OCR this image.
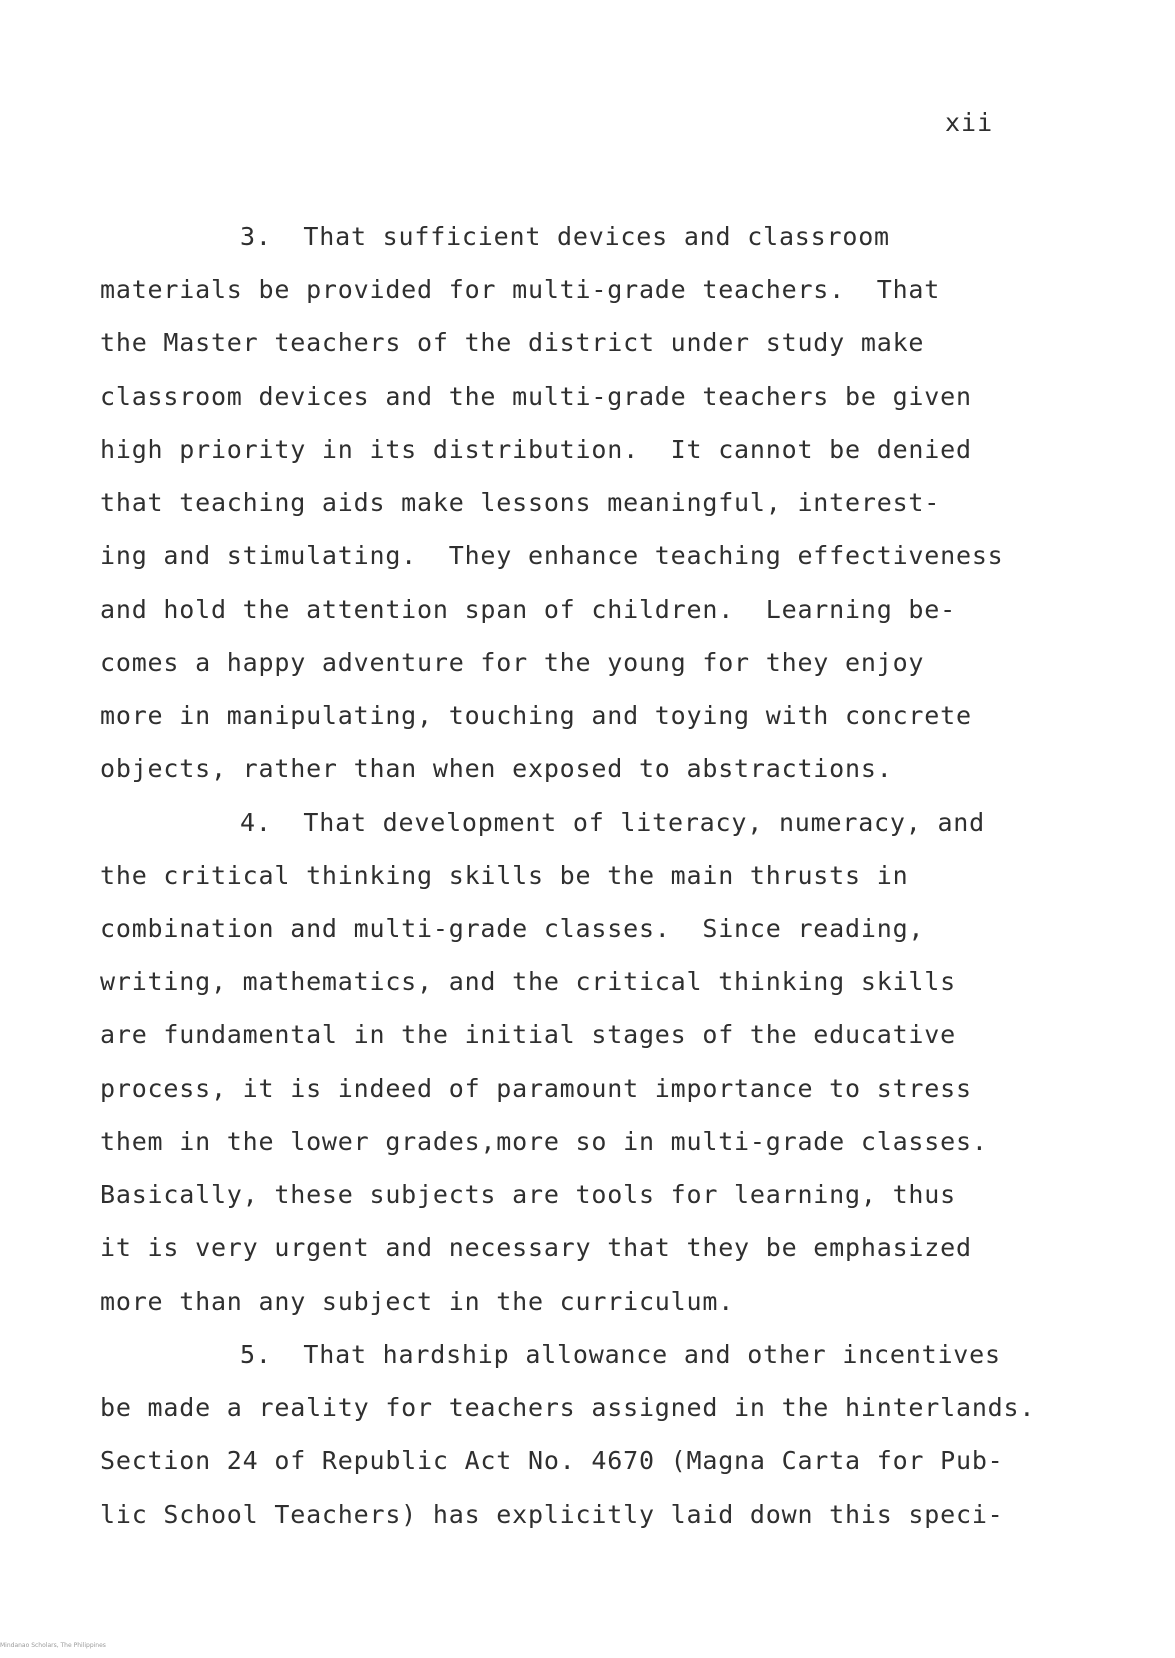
xii

3.  That sufficient devices and classroom

materials be provided for multi-grade teachers.  That

the Master teachers of the district under study make

classroom devices and the multi-grade teachers be given

high priority in its distribution.  It cannot be denied

that teaching aids make lessons meaningful, interest-

ing and stimulating.  They enhance teaching effectiveness

and hold the attention span of children.  Learning be-

comes a happy adventure for the young for they enjoy

more in manipulating, touching and toying with concrete

objects, rather than when exposed to abstractions.

4.  That development of literacy, numeracy, and

the critical thinking skills be the main thrusts in

combination and multi-grade classes.  Since reading,

writing, mathematics, and the critical thinking skills

are fundamental in the initial stages of the educative

process, it is indeed of paramount importance to stress

them in the lower grades,more so in multi-grade classes.

Basically, these subjects are tools for learning, thus

it is very urgent and necessary that they be emphasized

more than any subject in the curriculum.

5.  That hardship allowance and other incentives

be made a reality for teachers assigned in the hinterlands.

Section 24 of Republic Act No. 4670 (Magna Carta for Pub-

lic School Teachers) has explicitly laid down this speci-

Mindanao Scholars, The Philippines
